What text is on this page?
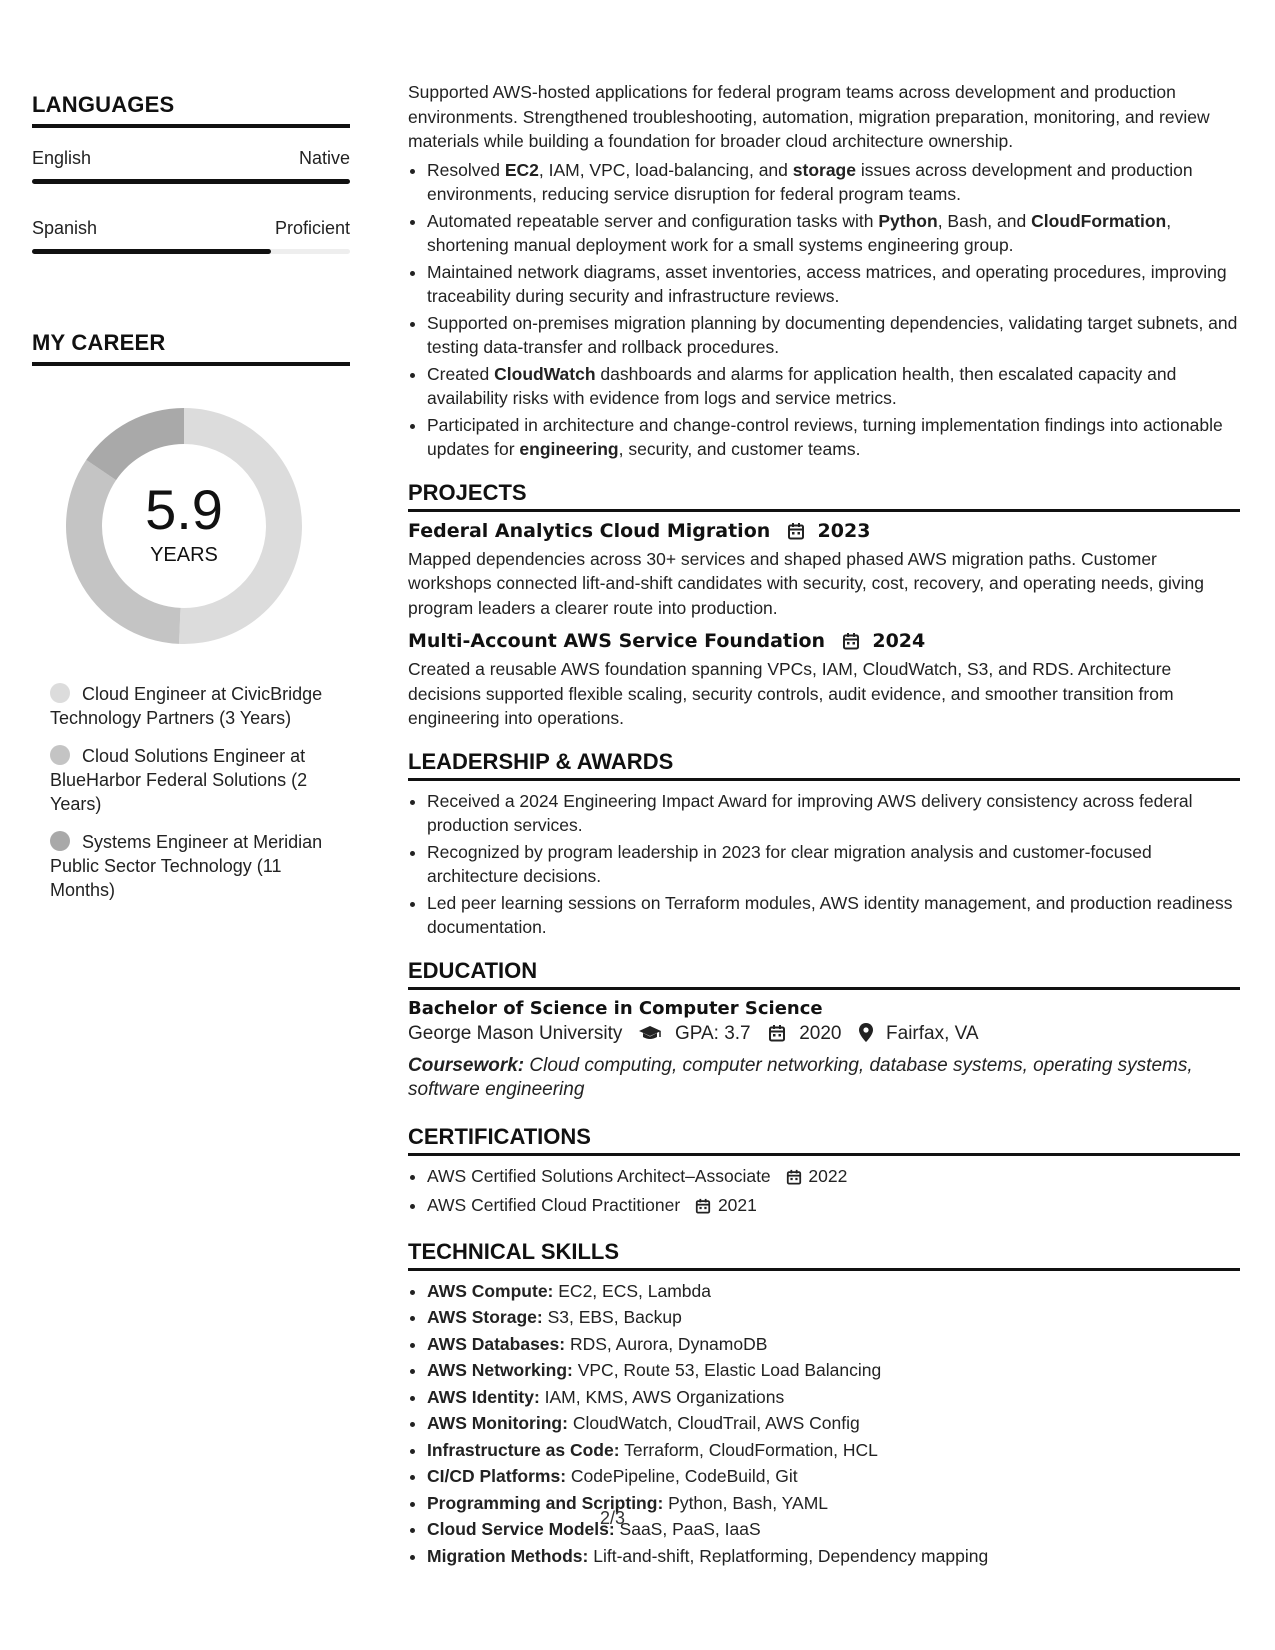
LANGUAGES
English	Native
Spanish	Proficient
MY CAREER
5.9
YEARS
Cloud Engineer at CivicBridge Technology Partners (3 Years)
Cloud Solutions Engineer at BlueHarbor Federal Solutions (2 Years)
Systems Engineer at Meridian Public Sector Technology (11 Months)

Supported AWS-hosted applications for federal program teams across development and production environments. Strengthened troubleshooting, automation, migration preparation, monitoring, and review materials while building a foundation for broader cloud architecture ownership.

• Resolved EC2, IAM, VPC, load-balancing, and storage issues across development and production environments, reducing service disruption for federal program teams.
• Automated repeatable server and configuration tasks with Python, Bash, and CloudFormation, shortening manual deployment work for a small systems engineering group.
• Maintained network diagrams, asset inventories, access matrices, and operating procedures, improving traceability during security and infrastructure reviews.
• Supported on-premises migration planning by documenting dependencies, validating target subnets, and testing data-transfer and rollback procedures.
• Created CloudWatch dashboards and alarms for application health, then escalated capacity and availability risks with evidence from logs and service metrics.
• Participated in architecture and change-control reviews, turning implementation findings into actionable updates for engineering, security, and customer teams.
PROJECTS
Federal Analytics Cloud Migration 2023

Mapped dependencies across 30+ services and shaped phased AWS migration paths. Customer workshops connected lift-and-shift candidates with security, cost, recovery, and operating needs, giving program leaders a clearer route into production.

Multi-Account AWS Service Foundation 2024

Created a reusable AWS foundation spanning VPCs, IAM, CloudWatch, S3, and RDS. Architecture decisions supported flexible scaling, security controls, audit evidence, and smoother transition from engineering into operations.

LEADERSHIP & AWARDS
• Received a 2024 Engineering Impact Award for improving AWS delivery consistency across federal production services.
• Recognized by program leadership in 2023 for clear migration analysis and customer-focused architecture decisions.
• Led peer learning sessions on Terraform modules, AWS identity management, and production readiness documentation.
EDUCATION
Bachelor of Science in Computer Science
George Mason University	GPA: 3.7	2020 Fairfax, VA

Coursework: Cloud computing, computer networking, database systems, operating systems, software engineering

CERTIFICATIONS
• AWS Certified Solutions Architect–Associate 2022
• AWS Certified Cloud Practitioner 2021
TECHNICAL SKILLS
• AWS Compute: EC2, ECS, Lambda
• AWS Storage: S3, EBS, Backup
• AWS Databases: RDS, Aurora, DynamoDB
• AWS Networking: VPC, Route 53, Elastic Load Balancing
• AWS Identity: IAM, KMS, AWS Organizations
• AWS Monitoring: CloudWatch, CloudTrail, AWS Config
• Infrastructure as Code: Terraform, CloudFormation, HCL
• CI/CD Platforms: CodePipeline, CodeBuild, Git
• Programming and Scripting: Python, Bash, YAML
• Cloud Service Models: SaaS, PaaS, IaaS
• Migration Methods: Lift-and-shift, Replatforming, Dependency mapping
2/3
